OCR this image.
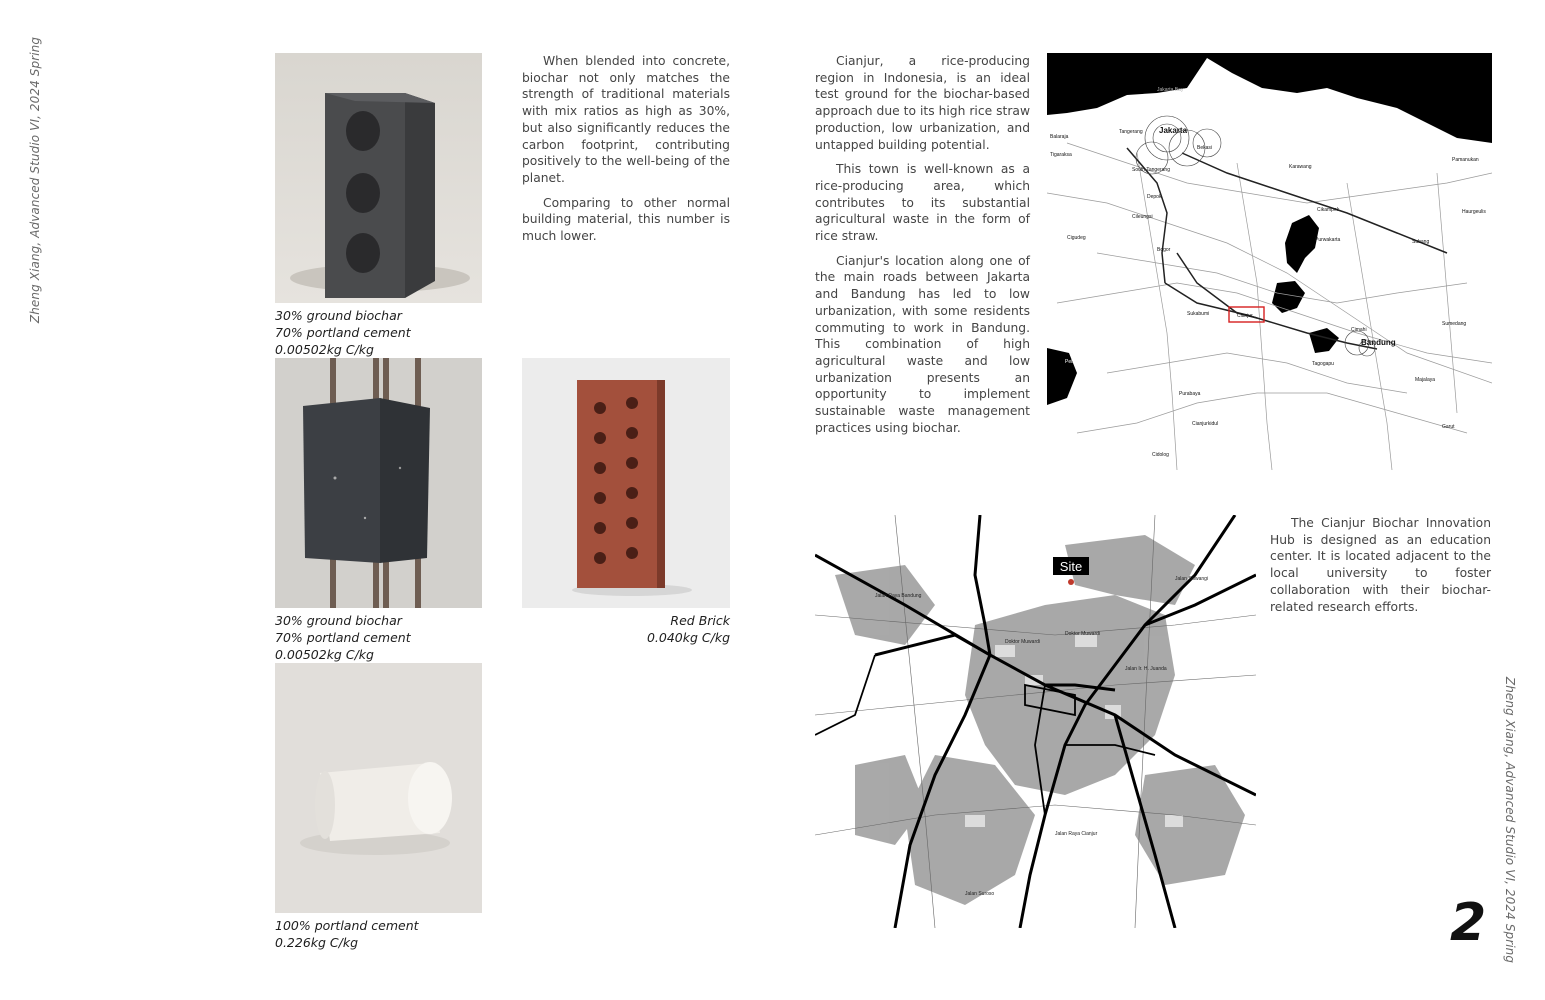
Zheng Xiang, Advanced Studio VI, 2024 Spring
Zheng Xiang, Advanced Studio VI, 2024 Spring
30% ground biochar
70% portland cement
0.00502kg C/kg

When blended into concrete, biochar not only matches the strength of traditional materials with mix ratios as high as 30%, but also significantly reduces the carbon footprint, contributing positively to the well-being of the planet.

Comparing to other normal building material, this number is much lower.

30% ground biochar
70% portland cement
0.00502kg C/kg
Red Brick
0.040kg C/kg
100% portland cement
0.226kg C/kg

Cianjur, a rice-producing region in Indonesia, is an ideal test ground for the biochar-based approach due to its high rice straw production, low urbanization, and untapped building potential.

This town is well-known as a rice-producing area, which contributes to its substantial agricultural waste in the form of rice straw.

Cianjur's location along one of the main roads between Jakarta and Bandung has led to low urbanization, with some residents commuting to work in Bandung. This combination of high agricultural waste and low urbanization presents an opportunity to implement sustainable waste management practices using biochar.

Jakarta Bay
Jakarta
Tangerang
Bekasi
South Tangerang
Depok
Bogor
Karawang
Cikampek
Purwakarta	Subang
Cianjur
Sukabumi
Cimahi
Bandung
Sumedang
Garut
Pamanukan
Majalaya
Tagogapu
Cileungsi
Cigudeg
Pelabuhanratu
Purabaya
Cidolog
Cianjurkidul
Tigaraksa
Balaraja
Haurgeulis
Doktor Muwardi
Doktor Muwardi
Jalan Raya Bandung
Jalan Siliwangi
Jalan Ir. H. Juanda
Jalan Raya Cianjur
Jalan Suroso
Site

The Cianjur Biochar Innovation Hub is designed as an education center. It is located adjacent to the local university to foster collaboration with their biochar-related research efforts.

2
